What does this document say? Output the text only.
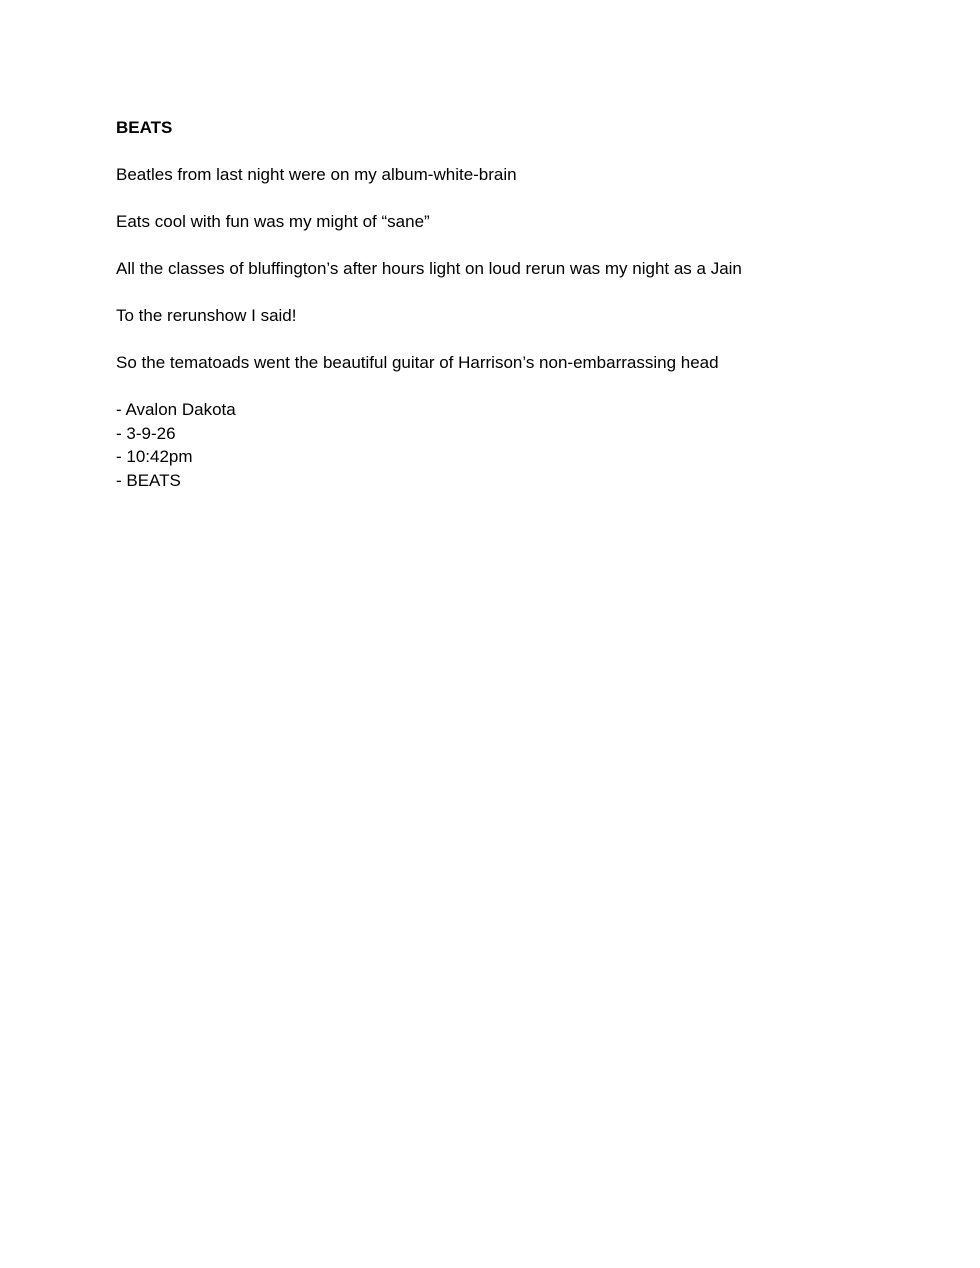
BEATS
Beatles from last night were on my album-white-brain
Eats cool with fun was my might of “sane”
All the classes of bluffington’s after hours light on loud rerun was my night as a Jain
To the rerunshow I said!
So the tematoads went the beautiful guitar of Harrison’s non-embarrassing head
- Avalon Dakota
- 3-9-26
- 10:42pm
- BEATS
